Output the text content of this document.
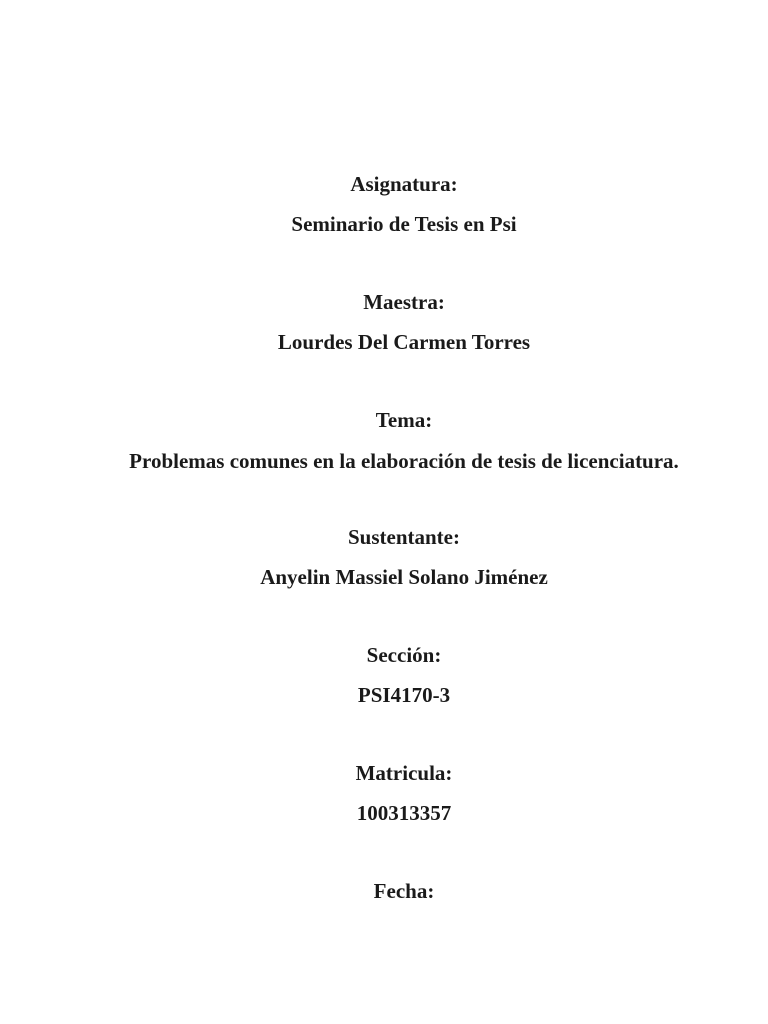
Asignatura:
Seminario de Tesis en Psi
Maestra:
Lourdes Del Carmen Torres
Tema:
Problemas comunes en la elaboración de tesis de licenciatura.
Sustentante:
Anyelin Massiel Solano Jiménez
Sección:
PSI4170-3
Matricula:
100313357
Fecha:
